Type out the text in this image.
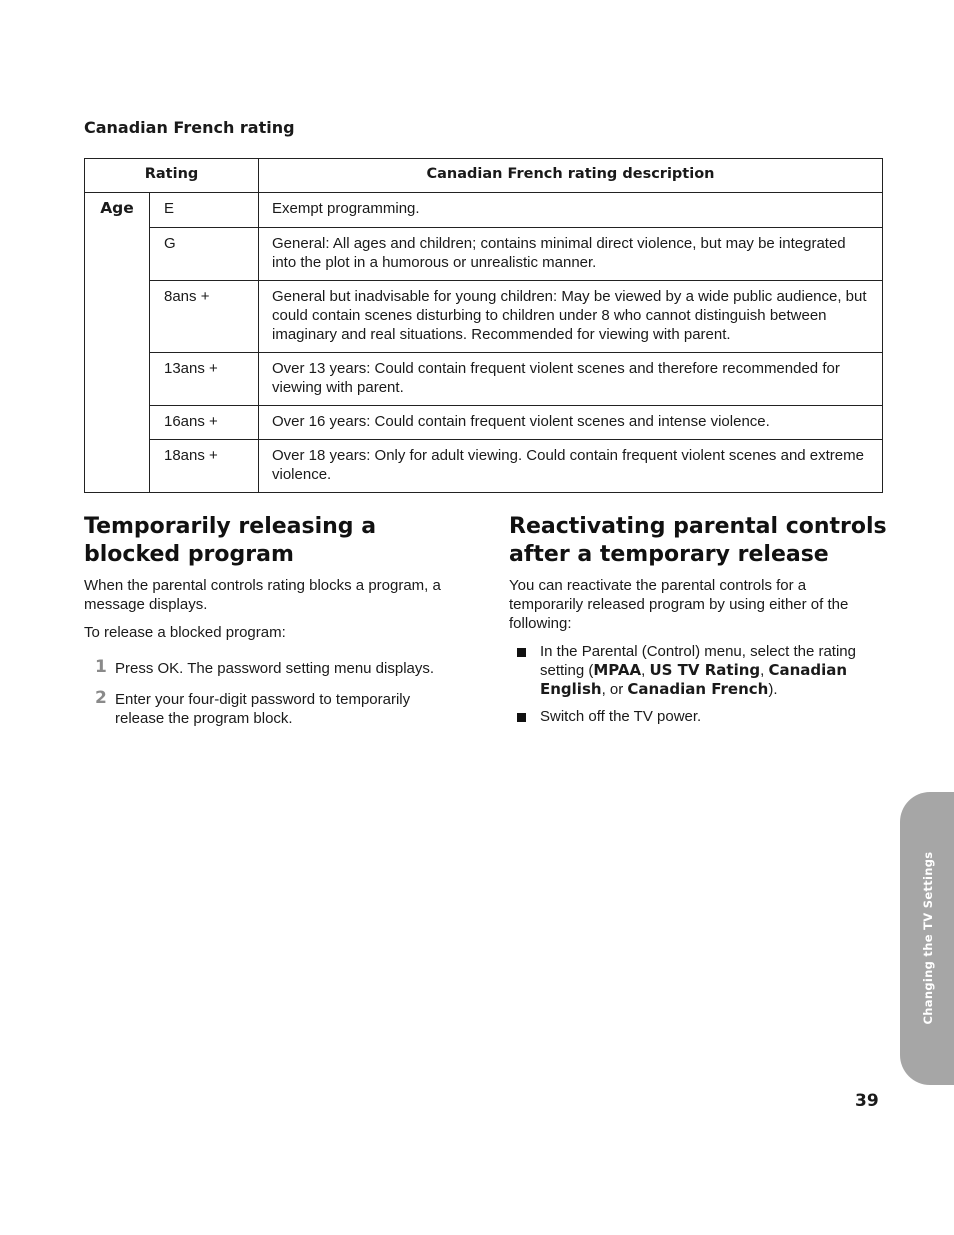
Canadian French rating
Rating		Canadian French rating description
Age	E	Exempt programming.
	G	General: All ages and children; contains minimal direct violence, but may be integrated into the plot in a humorous or unrealistic manner.
	8ans +	General but inadvisable for young children: May be viewed by a wide public audience, but could contain scenes disturbing to children under 8 who cannot distinguish between imaginary and real situations. Recommended for viewing with parent.
	13ans +	Over 13 years: Could contain frequent violent scenes and therefore recommended for viewing with parent.
	16ans +	Over 16 years: Could contain frequent violent scenes and intense violence.
	18ans +	Over 18 years: Only for adult viewing. Could contain frequent violent scenes and extreme violence.
Temporarily releasing a blocked program

When the parental controls rating blocks a program, a message displays.

To release a blocked program:

1 Press OK. The password setting menu displays.
2 Enter your four-digit password to temporarily release the program block.
Reactivating parental controls after a temporary release

You can reactivate the parental controls for a temporarily released program by using either of the following:

In the Parental (Control) menu, select the rating setting (MPAA, US TV Rating, Canadian English, or Canadian French).
Switch off the TV power.
Changing the TV Settings
39
